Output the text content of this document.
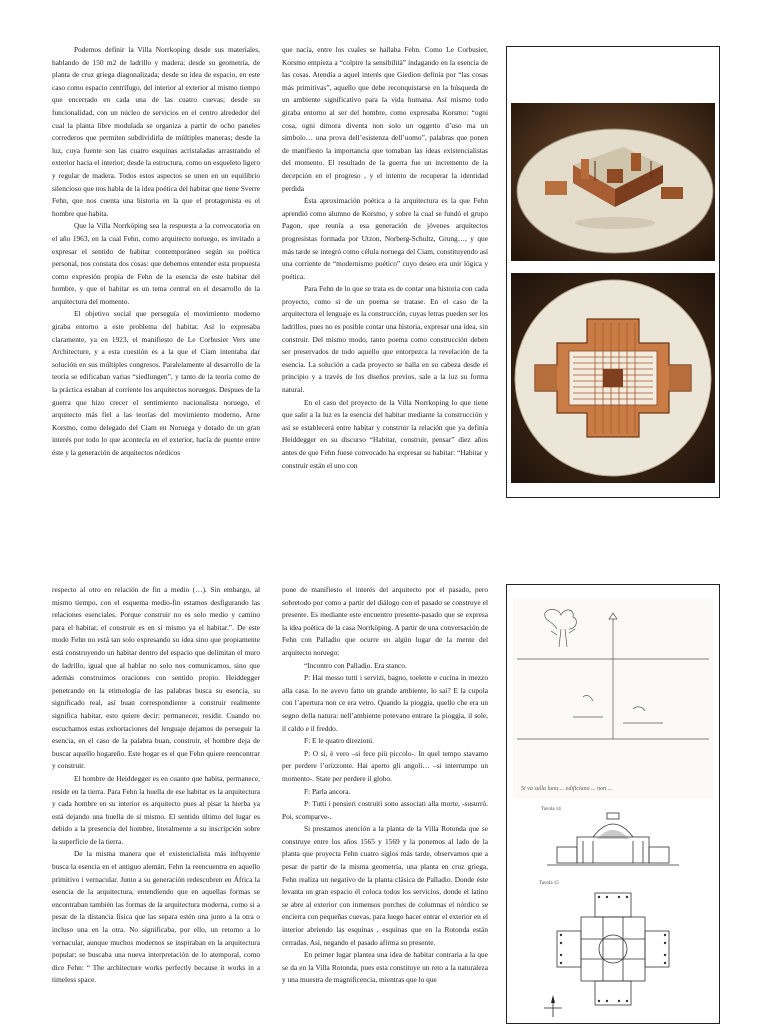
Podemos definir la Villa Norrkoping desde sus materiales, hablando de 150 m2 de ladrillo y madera; desde su geometría, de planta de cruz griega diagonalizada; desde su idea de espacio, en este caso como espacio centrífugo, del interior al exterior al mismo tiempo que encerrado en cada una de las cuatro cuevas; desde su funcionalidad, con un núcleo de servicios en el centro alrededor del cual la planta libre modulada se organiza a partir de ocho paneles correderos que permiten subdividirla de múltiples maneras; desde la luz, cuya fuente son las cuatro esquinas acristaladas arrastrando el exterior hacia el interior; desde la estructura, como un esqueleto ligero y regular de madera. Todos estos aspectos se unen en un equilibrio silencioso que nos habla de la idea poética del habitar que tiene Sverre Fehn, que nos cuenta una historia en la que el protagonista es el hombre que habita.

Que la Villa Norrköping sea la respuesta a la convocatoria en el año 1963, en la cual Fehn, como arquitecto noruego, es invitado a expresar el sentido de habitar contemporáneo según su poética personal, nos constata dos cosas: que debemos entender esta propuesta como expresión propia de Fehn de la esencia de este habitar del hombre, y que el habitar es un tema central en el desarrollo de la arquitectura del momento.

El objetivo social que perseguía el movimiento moderno giraba entorno a este problema del habitar. Así lo expresaba claramente, ya en 1923, el manifiesto de Le Corbusier Vers une Architecture, y a esta cuestión es a la que el Ciam intentaba dar solución en sus múltiples congresos. Paralelamente al desarrollo de la teoría se edificaban varias “siedlungen”, y tanto de la teoría como de la práctica estaban al corriente los arquitectos noruegos. Despues de la guerra que hizo crecer el sentimiento nacionalista noruego, el arquitecto más fiel a las teorías del movimiento moderno, Arne Korsmo, como delegado del Ciam en Noruega y dotado de un gran interés por todo lo que acontecía en el exterior, hacía de puente entre éste y la generación de arquitectos nórdicos

que nacía, entre los cuales se hallaba Fehn. Como Le Corbusier, Korsmo empieza a “colpire la sensibilità” indagando en la esencia de las cosas. Atendía a aquel interés que Giedion definía por “las cosas más primitivas”, aquello que debe reconquistarse en la búsqueda de un ambiente significativo para la vida humana. Así mismo todo giraba entorno al ser del hombre, como expresaba Korsmo: “ogni cosa, ogni dimora diventa non solo un oggetto d’uso ma un simbolo… una prova dell’esistenza dell’uomo”, palabras que ponen de manifiesto la importancia que tomaban las ideas existencialistas del momento. El resultado de la guerra fue un incremento de la decepción en el progreso , y el intento de recuperar la identidad perdida

Ésta aproximación poética a la arquitectura es la que Fehn aprendió como alumno de Korsmo, y sobre la cual se fundó el grupo Pagon, que reunía a esa generación de jóvenes arquitectos progresistas formada por Utzon, Norberg-Schultz, Grung…, y que más tarde se integró como célula noruega del Ciam, constituyendo así una corriente de “modernismo poético” cuyo deseo era unir lógica y poética.

Para Fehn de lo que se trata es de contar una historia con cada proyecto, como si de un poema se tratase. En el caso de la arquitectura el lenguaje es la construcción, cuyas letras pueden ser los ladrillos, pues no es posible contar una historia, expresar una idea, sin construir. Del mismo modo, tanto poema como construcción deben ser preservados de todo aquello que entorpezca la revelación de la esencia. La solución a cada proyecto se halla en su cabeza desde el principio y a través de los diseños previos, sale a la luz su forma natural.

En el caso del proyecto de la Villa Norrkoping lo que tiene que salir a la luz es la esencia del habitar mediante la construcción y así se establecerá entre habitar y construir la relación que ya definía Heiddegger en su discurso “Habitar, construir, pensar” diez años antes de que Fehn fuese convocado ha expresar su habitar: “Habitar y construir están el uno con

respecto al otro en relación de fin a medio (…). Sin embargo, al mismo tiempo, con el esquema medio-fin estamos desfigurando las relaciones esenciales. Porque construir no es solo medio y camino para el habitar, el construir es en sí mismo ya el habitar.”. De este modo Fehn no está tan solo expresando su idea sino que propiamente está construyendo un habitar dentro del espacio que delimitan el muro de ladrillo, igual que al hablar no solo nos comunicamos, sino que además construimos oraciones con sentido propio. Heiddegger penetrando en la etimología de las palabras busca su esencia, su significado real, así buan correspondiente a construir realmente significa habitar, esto quiere decir: permanecer, residir. Cuando no escuchamos estas exhortaciones del lenguaje dejamos de perseguir la esencia, en el caso de la palabra buan, construir, el hombre deja de buscar aquello hogareño. Este hogar es el que Fehn quiere reencontrar y construir.

El hombre de Heiddegger es en cuanto que habita, permanece, reside en la tierra. Para Fehn la huella de ese habitar es la arquitectura y cada hombre en su interior es arquitecto pues al pisar la hierba ya está dejando una huella de sí mismo. El sentido último del lugar es debido a la presencia del hombre, literalmente a su inscripción sobre la superficie de la tierra.

De la misma manera que el existencialista más influyente busca la esencia en el antiguo alemán, Fehn la reencuentra en aquello primitivo i vernacular. Junto a su generación redescubren en África la esencia de la arquitectura, entendiendo que en aquellas formas se encontraban también las formas de la arquitectura moderna, como si a pesar de la distancia física que las separa estén una junto a la otra o incluso una en la otra. No significaba, por ello, un retorno a lo vernacular, aunque muchos modernos se inspiraban en la arquitectura popular; se buscaba una nueva interpretación de lo atemporal, como dice Fehn: “ The architecture works perfectly because it works in a timeless space.

pone de manifiesto el interés del arquitecto por el pasado, pero sobretodo por como a partir del diálogo con el pasado se construye el presente. Es mediante este encuentro presente-pasado que se expresa la idea poética de la casa Norrköping. A partir de una conversación de Fehn con Palladio que ocurre en algún lugar de la mente del arquitecto noruego:

“Incontro con Palladio. Era stanco.

P: Hai messo tutti i servizi, bagno, toelette e cucina in mezzo alla casa. Io ne avevo fatto un grande ambiente, lo sai? E la cupola con l’apertura non ce era vetro. Quando la pioggia, quello che era un segno della natura: nell’ambiente potevano entrare la pioggia, il sole, il caldo e il freddo.

F: E le quatro direzioni.

P: O sì, è vero –si fece più piccolo-. In quel tempo stavamo per perdere l’orizzonte. Hai aperto gli angoli… –si interrumpe un momento-. State per perdere il globo.

F: Parla ancora.

P: Tutti i pensieri costruiti sono associati alla morte, -susurró. Poi, scomparve-.

Si prestamos atención a la planta de la Villa Rotonda que se construye entre los años 1565 y 1569 y la ponemos al lado de la planta que proyecta Fehn cuatro siglos más tarde, observamos que a pesar de partir de la misma geometría, una planta en cruz griega, Fehn realiza un negativo de la planta clásica de Palladio. Donde éste levanta un gran espacio él coloca todos los servicios, donde el latino se abre al exterior con inmensos porches de columnas el nórdico se encierra con pequeñas cuevas, para luego hacer entrar el exterior en el interior abriendo las esquinas , esquinas que en la Rotonda están cerradas. Así, negando el pasado afirma su presente.

En primer lugar plantea una idea de habitar contraria a la que se da en la Villa Rotonda, pues esta constituye un reto a la naturaleza y una muestra de magnificencia, mientras que lo que

Si va sulla luna ... edificiano ... non ...
Tavola 14
Tavola 15
